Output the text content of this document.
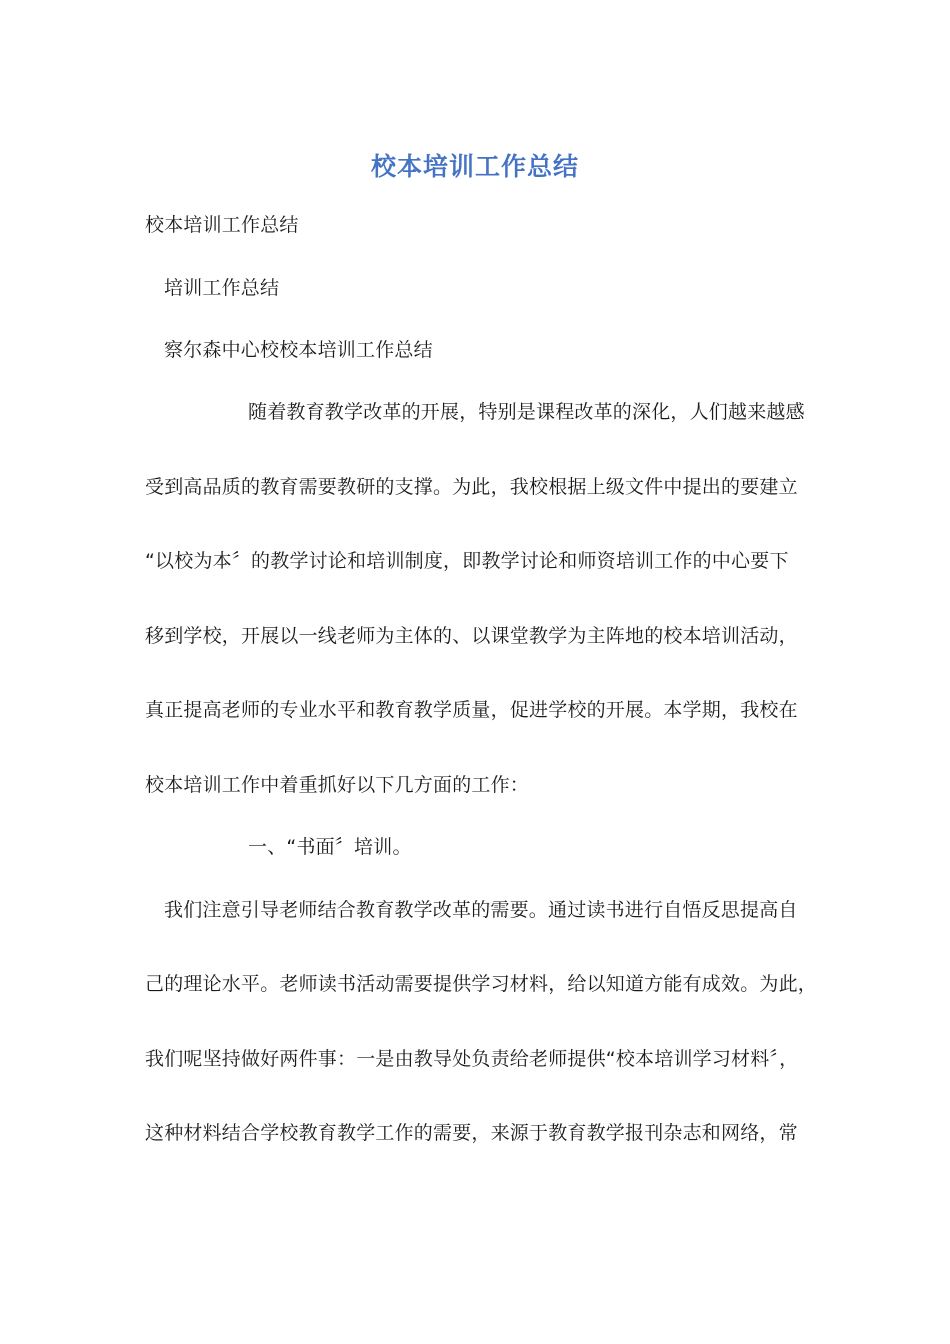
校本培训工作总结
校本培训工作总结
培训工作总结
察尔森中心校校本培训工作总结
随着教育教学改革的开展，特别是课程改革的深化，人们越来越感
受到高品质的教育需要教研的支撑。为此，我校根据上级文件中提出的要建立
“以校为本〞的教学讨论和培训制度，即教学讨论和师资培训工作的中心要下
移到学校，开展以一线老师为主体的、以课堂教学为主阵地的校本培训活动，
真正提高老师的专业水平和教育教学质量，促进学校的开展。本学期，我校在
校本培训工作中着重抓好以下几方面的工作：
一、“书面〞培训。
我们注意引导老师结合教育教学改革的需要。通过读书进行自悟反思提高自
己的理论水平。老师读书活动需要提供学习材料，给以知道方能有成效。为此，
我们呢坚持做好两件事：一是由教导处负责给老师提供“校本培训学习材料〞，
这种材料结合学校教育教学工作的需要，来源于教育教学报刊杂志和网络，常
